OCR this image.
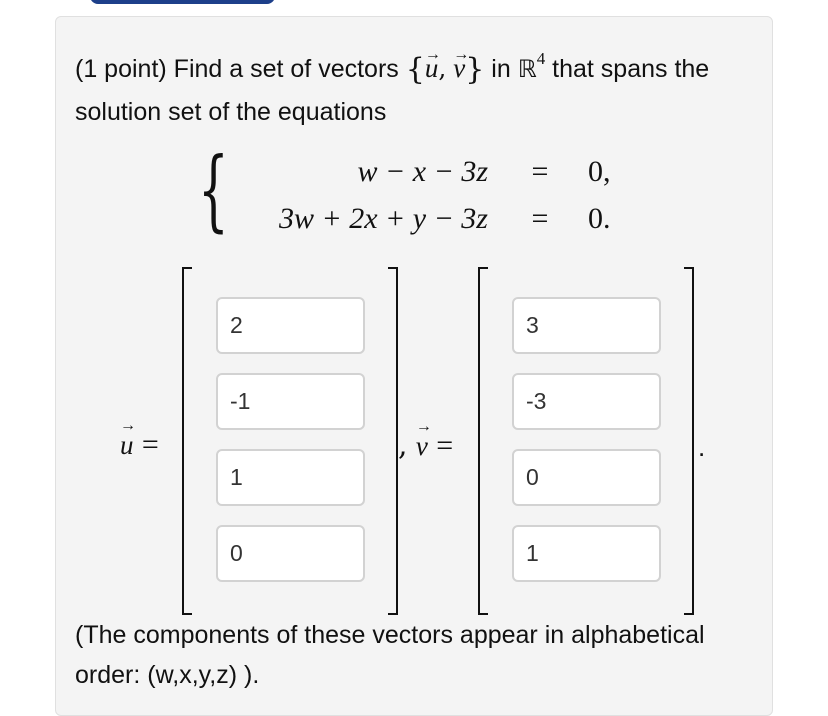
(1 point) Find a set of vectors {→ u, → v} in ℝ$^4$ that spans the solution set of the equations
{	w − x − 3z = 0,
3w + 2x + y − 3z = 0.
→ u =
2
-1
1
0	, → v =
3
-3
0
1	.
(The components of these vectors appear in alphabetical order: (w,x,y,z) ).
